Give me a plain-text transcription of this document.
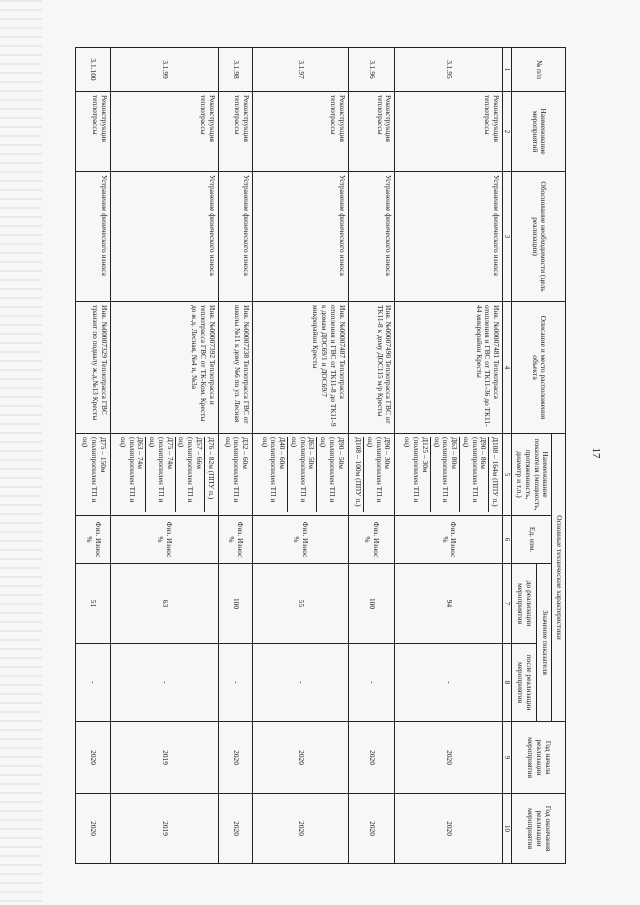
17
№ п/п	Наименование мероприятий	Обоснование необходимости (цель реализации)	Описание и место расположения объекта	Основные технические характеристики				Год начала реализации мероприятия	Год окончания реализации мероприятия
				Наименование показателя (мощность, протяженность, диаметр и т.п.)	Ед. изм.	Значение показателя			
						до реализации мероприятия	после реализации мероприятия		
1	2	3	4	5	6	7	8	9	10
3.1.95	Реконструкция теплотрассы	Устранение физического износа	Инв. №00007481 Теплотрасса отопления и ГВС от ТК11-36 до ТК11-44 микрорайон Кресты	Д108 – 164м (ППУ п.)
Д90 – 86м (полипропилен ТП и оц)
Д63 – 80м (полипропилен ТП и оц)
Д125 – 30м (полипропилен ТП и оц)	Физ. Износ %	94	-	2020	2020
3.1.96	Реконструкция теплотрассы	Устранение физического износа	Инв. №00007490 Теплотрасса ГВС от ТК11-8 к дому ДОС115 м/р Кресты	Д90 – 30м (полипропилен ТП и оц)
Д108 – 100м (ППУ п.)	Физ. Износ %	100	-	2020	2020
3.1.97	Реконструкция теплотрассы	Устранение физического износа	Инв. №00007487 Теплотрасса отопления и ГВС от ТК11-8 до ТК11-9 к домам ДОС69/1 и ДОС69/7 микрорайон Кресты	Д90 – 50м (полипропилен ТП и оц)
Д63 – 50м (полипропилен ТП и оц)
Д40 – 60м (полипропилен ТП и оц)	Физ. Износ %	55	-	2020	2020
3.1.98	Реконструкция теплотрассы	Устранение физического износа	Инв. №00007238 Теплотрасса ГВС от школы №11 к дому №6 по ул. Лесная	Д32 – 60м (полипропилен ТП и оц)	Физ. Износ %	100	-	2020	2020
3.1.99	Реконструкция теплотрассы	Устранение физического износа	Инв. №00007392 Теплотрасса и теплотрасса ГВС от ТК-Ком. Кресты до ж.д. Лесная, №4 и, №3а	Д76 – 82м (ППУ п.)
Д57 – 66м (полипропилен ТП и оц)
Д75 – 74м (полипропилен ТП и оц)
Д63 – 74м (полипропилен ТП и оц)	Физ. Износ %	63	-	2019	2019
3.1.100	Реконструкция теплотрассы	Устранение физического износа	Инв. №00007329 Теплотрасса ГВС транзит по подвалу ж.д.№13 Кресты	Д75 – 150м (полипропилен ТП и оц)	Физ. Износ %	51	-	2020	2020
